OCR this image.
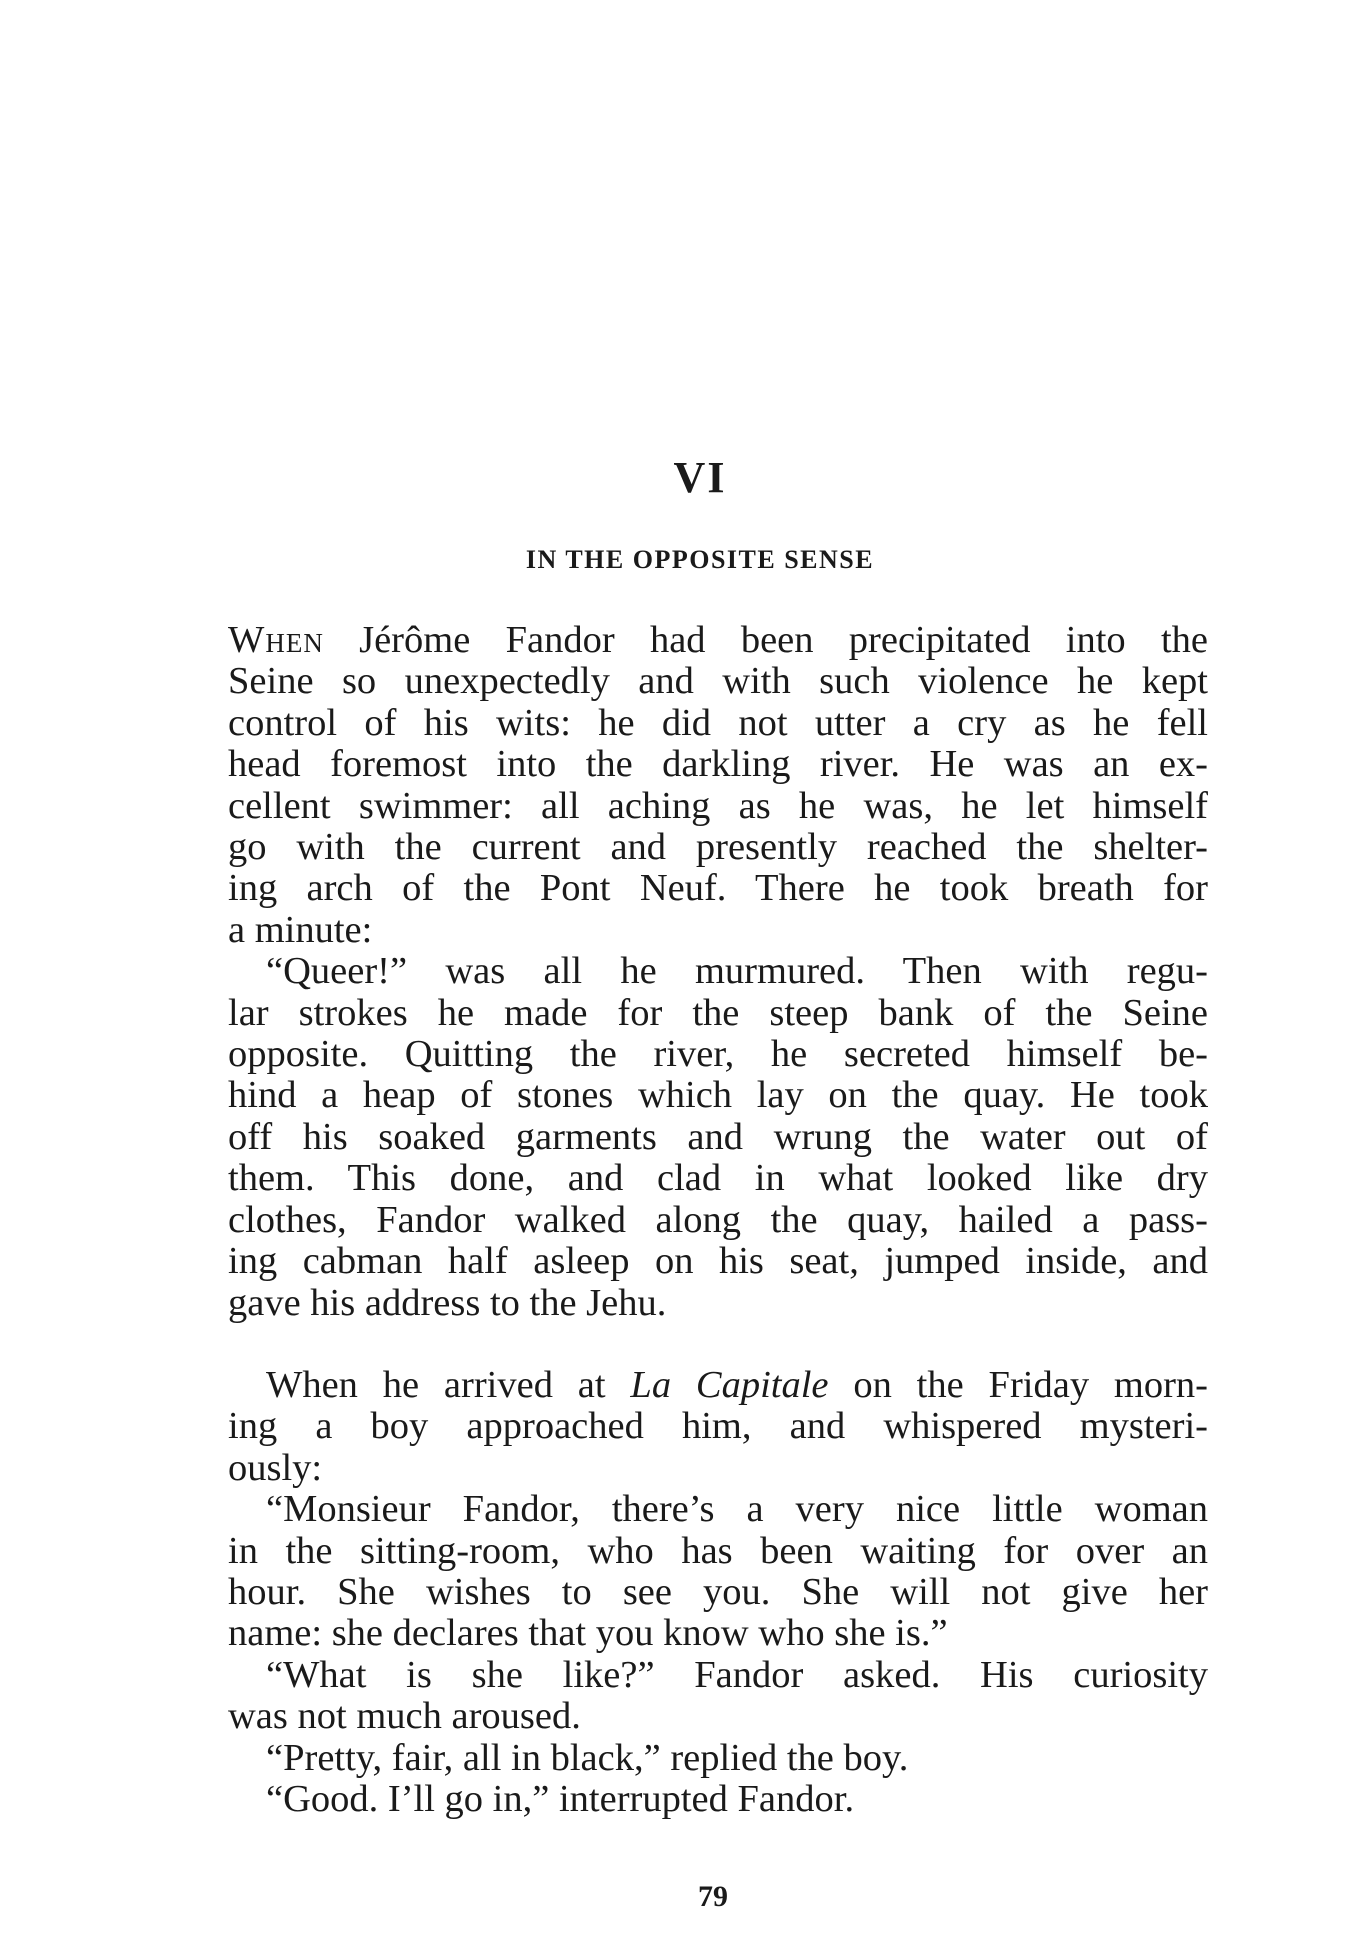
VI
IN THE OPPOSITE SENSE
When Jérôme Fandor had been precipitated into the
Seine so unexpectedly and with such violence he kept
control of his wits: he did not utter a cry as he fell
head foremost into the darkling river. He was an ex-
cellent swimmer: all aching as he was, he let himself
go with the current and presently reached the shelter-
ing arch of the Pont Neuf. There he took breath for
a minute:
“Queer!” was all he murmured. Then with regu-
lar strokes he made for the steep bank of the Seine
opposite. Quitting the river, he secreted himself be-
hind a heap of stones which lay on the quay. He took
off his soaked garments and wrung the water out of
them. This done, and clad in what looked like dry
clothes, Fandor walked along the quay, hailed a pass-
ing cabman half asleep on his seat, jumped inside, and
gave his address to the Jehu.
When he arrived at La Capitale on the Friday morn-
ing a boy approached him, and whispered mysteri-
ously:
“Monsieur Fandor, there’s a very nice little woman
in the sitting-room, who has been waiting for over an
hour. She wishes to see you. She will not give her
name: she declares that you know who she is.”
“What is she like?” Fandor asked. His curiosity
was not much aroused.
“Pretty, fair, all in black,” replied the boy.
“Good. I’ll go in,” interrupted Fandor.
79
